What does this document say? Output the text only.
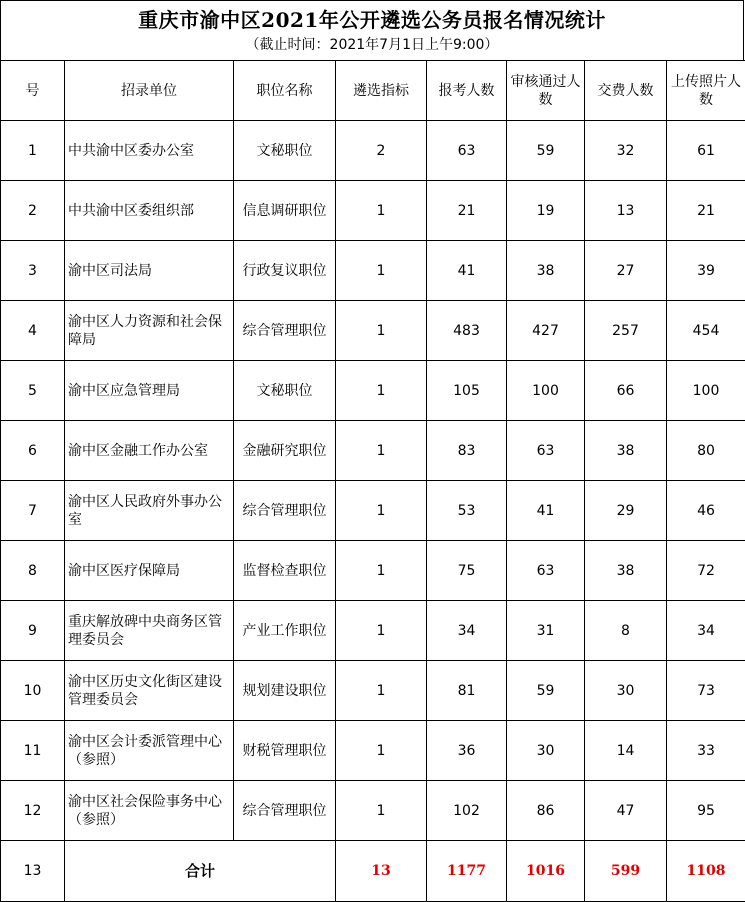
重庆市渝中区2021年公开遴选公务员报名情况统计
（截止时间：2021年7月1日上午9:00）
号	招录单位	职位名称	遴选指标	报考人数	审核通过人数	交费人数	上传照片人数
1	中共渝中区委办公室	文秘职位	2	63	59	32	61
2	中共渝中区委组织部	信息调研职位	1	21	19	13	21
3	渝中区司法局	行政复议职位	1	41	38	27	39
4	渝中区人力资源和社会保障局	综合管理职位	1	483	427	257	454
5	渝中区应急管理局	文秘职位	1	105	100	66	100
6	渝中区金融工作办公室	金融研究职位	1	83	63	38	80
7	渝中区人民政府外事办公室	综合管理职位	1	53	41	29	46
8	渝中区医疗保障局	监督检查职位	1	75	63	38	72
9	重庆解放碑中央商务区管理委员会	产业工作职位	1	34	31	8	34
10	渝中区历史文化街区建设管理委员会	规划建设职位	1	81	59	30	73
11	渝中区会计委派管理中心（参照）	财税管理职位	1	36	30	14	33
12	渝中区社会保险事务中心（参照）	综合管理职位	1	102	86	47	95
13	合计		13	1177	1016	599	1108
